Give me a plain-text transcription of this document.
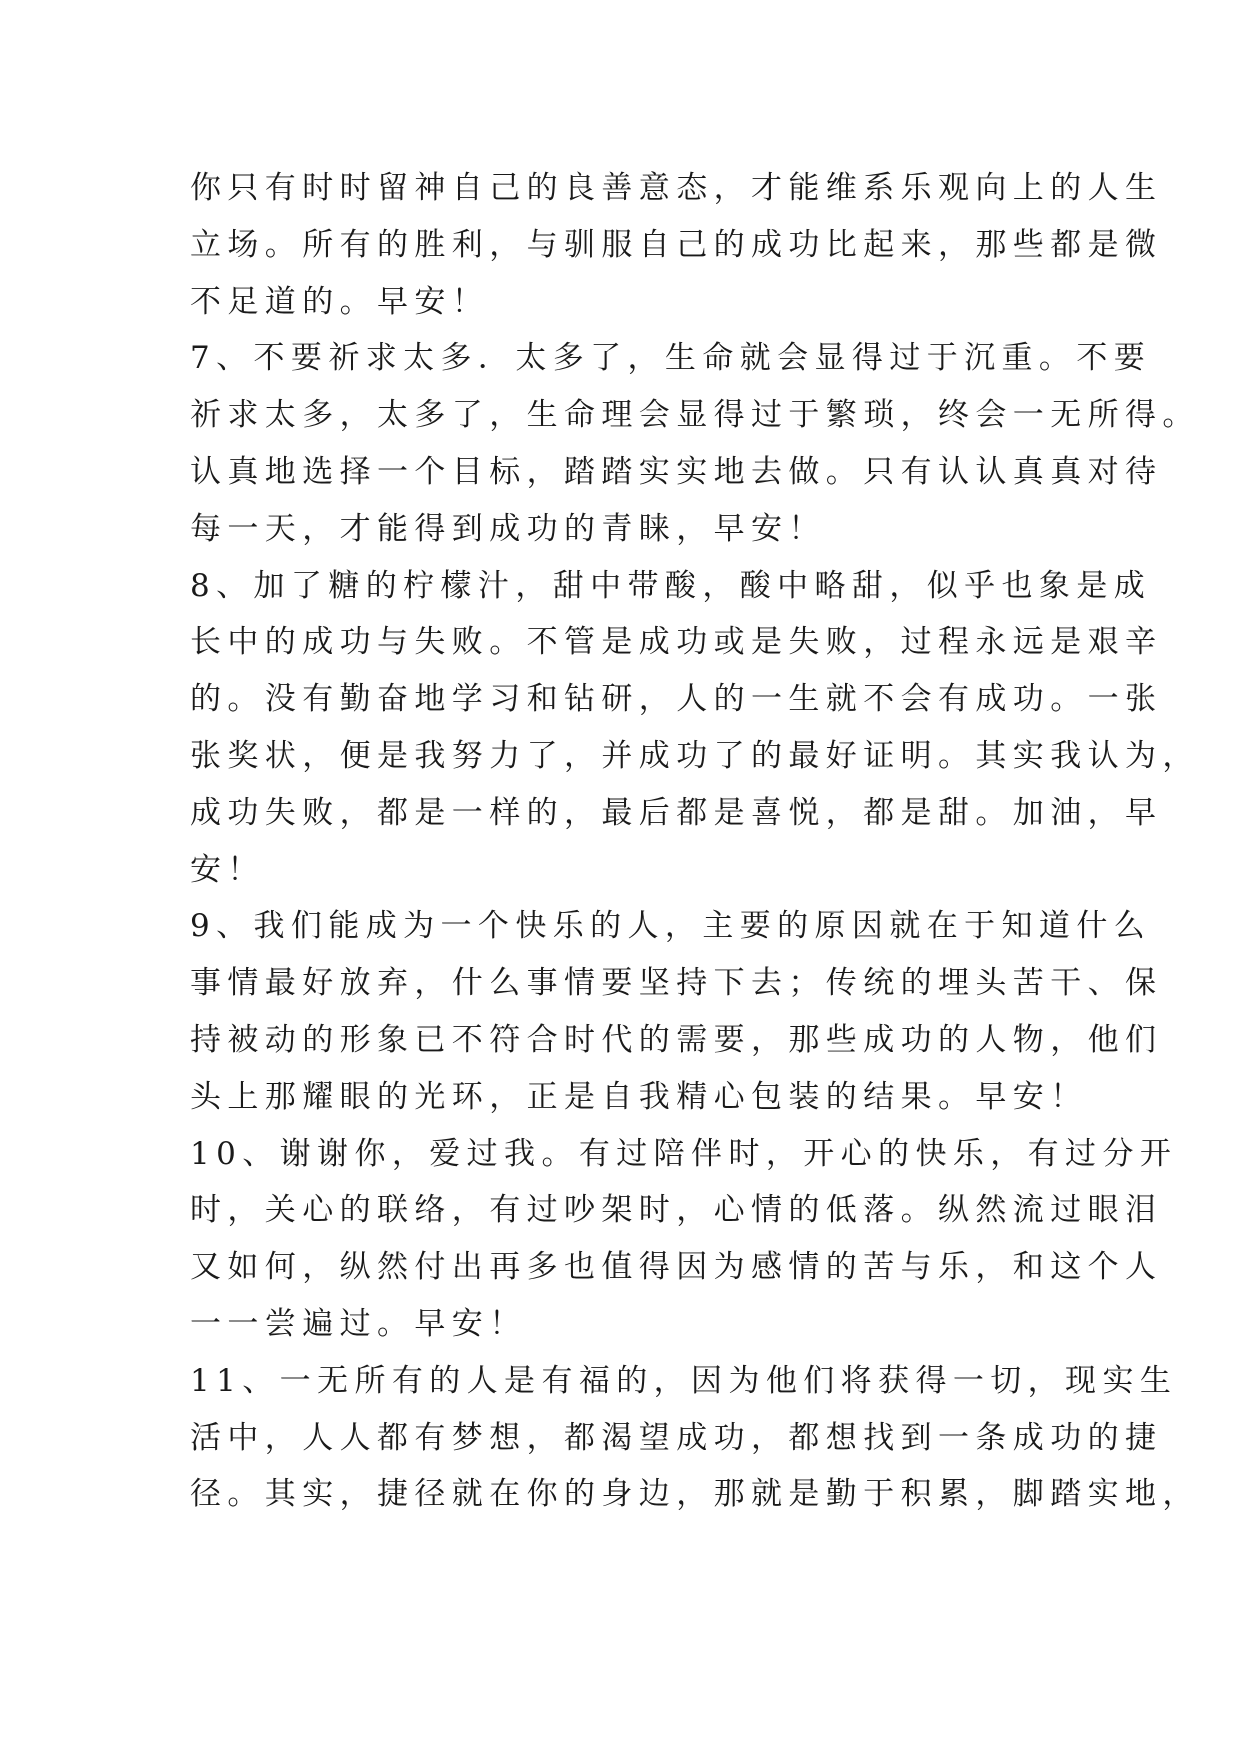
你只有时时留神自己的良善意态，才能维系乐观向上的人生
立场。所有的胜利，与驯服自己的成功比起来，那些都是微
不足道的。早安！
7、不要祈求太多．太多了，生命就会显得过于沉重。不要
祈求太多，太多了，生命理会显得过于繁琐，终会一无所得。
认真地选择一个目标，踏踏实实地去做。只有认认真真对待
每一天，才能得到成功的青睐，早安！
8、加了糖的柠檬汁，甜中带酸，酸中略甜，似乎也象是成
长中的成功与失败。不管是成功或是失败，过程永远是艰辛
的。没有勤奋地学习和钻研，人的一生就不会有成功。一张
张奖状，便是我努力了，并成功了的最好证明。其实我认为，
成功失败，都是一样的，最后都是喜悦，都是甜。加油，早
安！
9、我们能成为一个快乐的人，主要的原因就在于知道什么
事情最好放弃，什么事情要坚持下去；传统的埋头苦干、保
持被动的形象已不符合时代的需要，那些成功的人物，他们
头上那耀眼的光环，正是自我精心包装的结果。早安！
10、谢谢你，爱过我。有过陪伴时，开心的快乐，有过分开
时，关心的联络，有过吵架时，心情的低落。纵然流过眼泪
又如何，纵然付出再多也值得因为感情的苦与乐，和这个人
一一尝遍过。早安！
11、一无所有的人是有福的，因为他们将获得一切，现实生
活中，人人都有梦想，都渴望成功，都想找到一条成功的捷
径。其实，捷径就在你的身边，那就是勤于积累，脚踏实地，
